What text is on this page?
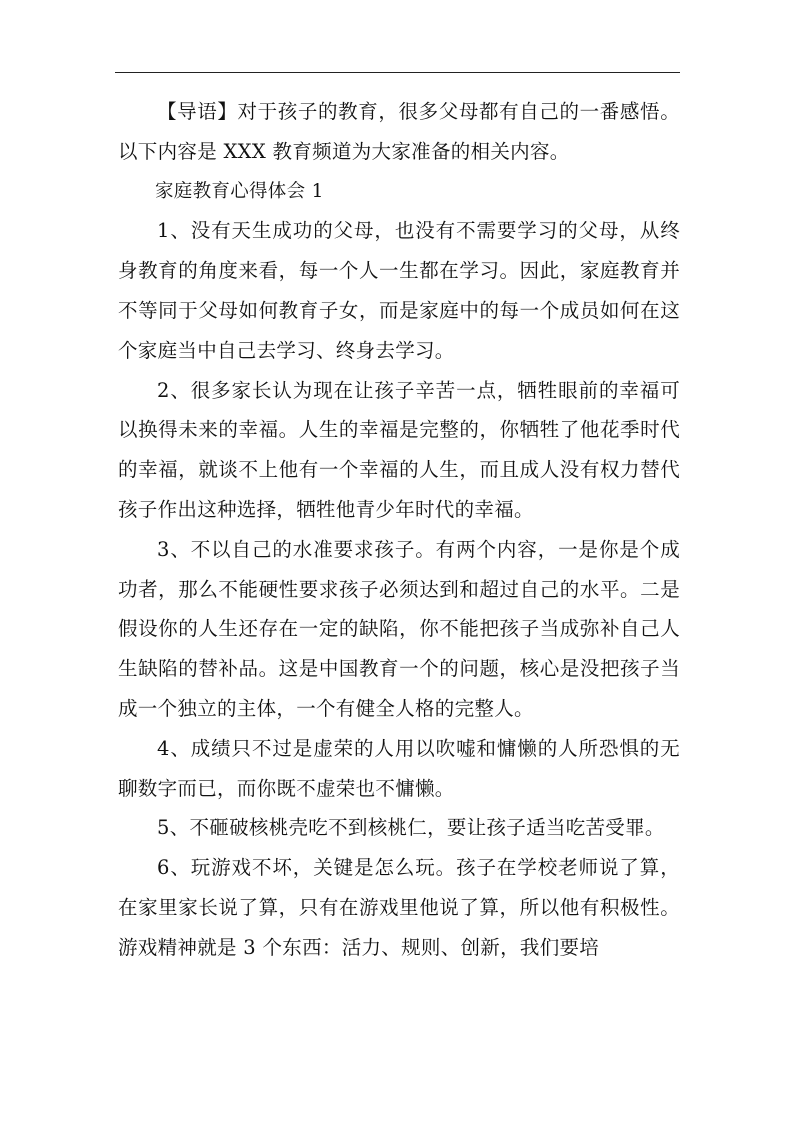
【导语】对于孩子的教育，很多父母都有自己的一番感悟。以下内容是 XXX 教育频道为大家准备的相关内容。

家庭教育心得体会 1

1、没有天生成功的父母，也没有不需要学习的父母，从终身教育的角度来看，每一个人一生都在学习。因此，家庭教育并不等同于父母如何教育子女，而是家庭中的每一个成员如何在这个家庭当中自己去学习、终身去学习。

2、很多家长认为现在让孩子辛苦一点，牺牲眼前的幸福可以换得未来的幸福。人生的幸福是完整的，你牺牲了他花季时代的幸福，就谈不上他有一个幸福的人生，而且成人没有权力替代孩子作出这种选择，牺牲他青少年时代的幸福。

3、不以自己的水准要求孩子。有两个内容，一是你是个成功者，那么不能硬性要求孩子必须达到和超过自己的水平。二是假设你的人生还存在一定的缺陷，你不能把孩子当成弥补自己人生缺陷的替补品。这是中国教育一个的问题，核心是没把孩子当成一个独立的主体，一个有健全人格的完整人。

4、成绩只不过是虚荣的人用以吹嘘和慵懒的人所恐惧的无聊数字而已，而你既不虚荣也不慵懒。

5、不砸破核桃壳吃不到核桃仁，要让孩子适当吃苦受罪。

6、玩游戏不坏，关键是怎么玩。孩子在学校老师说了算，在家里家长说了算，只有在游戏里他说了算，所以他有积极性。游戏精神就是 3 个东西：活力、规则、创新，我们要培
